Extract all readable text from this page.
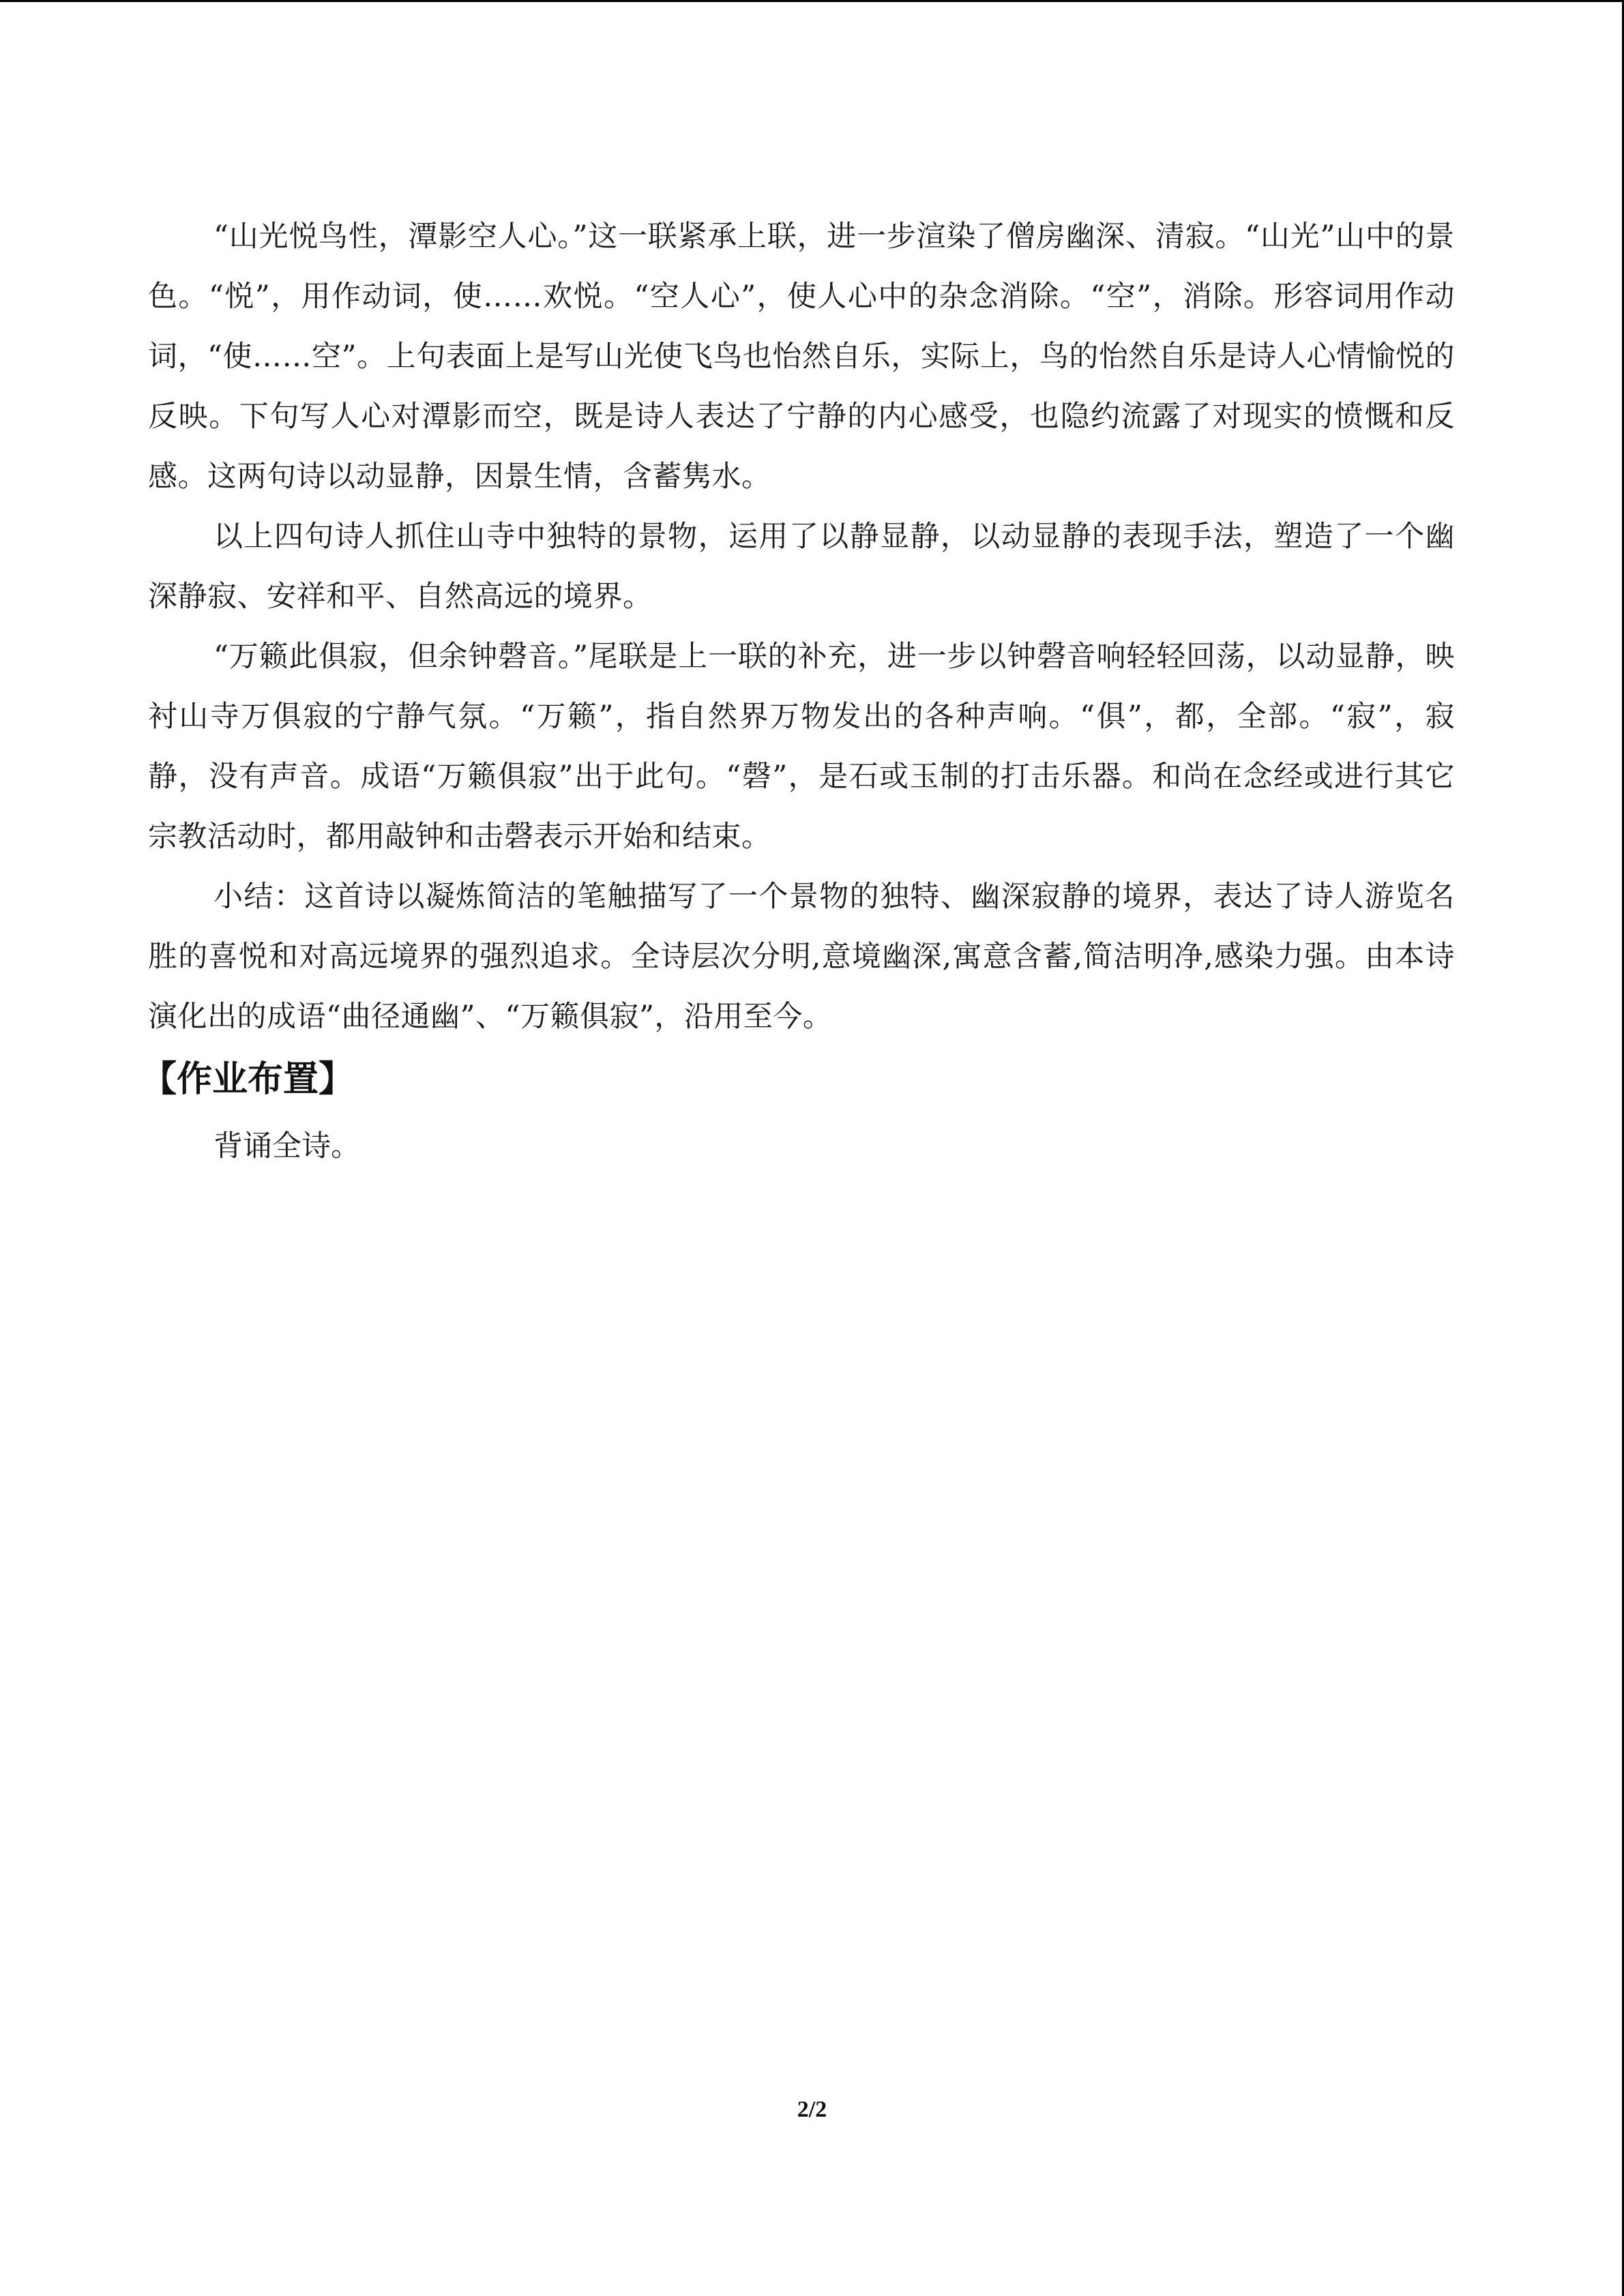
“山光悦鸟性，潭影空人心。”这一联紧承上联，进一步渲染了僧房幽深、清寂。“山光”山中的景色。“悦”，用作动词，使……欢悦。“空人心”，使人心中的杂念消除。“空”，消除。形容词用作动词，“使……空”。上句表面上是写山光使飞鸟也怡然自乐，实际上，鸟的怡然自乐是诗人心情愉悦的反映。下句写人心对潭影而空，既是诗人表达了宁静的内心感受，也隐约流露了对现实的愤慨和反感。这两句诗以动显静，因景生情，含蓄隽水。

以上四句诗人抓住山寺中独特的景物，运用了以静显静，以动显静的表现手法，塑造了一个幽深静寂、安祥和平、自然高远的境界。

“万籁此俱寂，但余钟磬音。”尾联是上一联的补充，进一步以钟磬音响轻轻回荡，以动显静，映衬山寺万俱寂的宁静气氛。“万籁”，指自然界万物发出的各种声响。“俱”，都，全部。“寂”，寂静，没有声音。成语“万籁俱寂”出于此句。“磬”，是石或玉制的打击乐器。和尚在念经或进行其它宗教活动时，都用敲钟和击磬表示开始和结束。

小结：这首诗以凝炼简洁的笔触描写了一个景物的独特、幽深寂静的境界，表达了诗人游览名胜的喜悦和对高远境界的强烈追求。全诗层次分明,意境幽深,寓意含蓄,简洁明净,感染力强。由本诗演化出的成语“曲径通幽”、“万籁俱寂”，沿用至今。

【作业布置】

背诵全诗。

2/2
